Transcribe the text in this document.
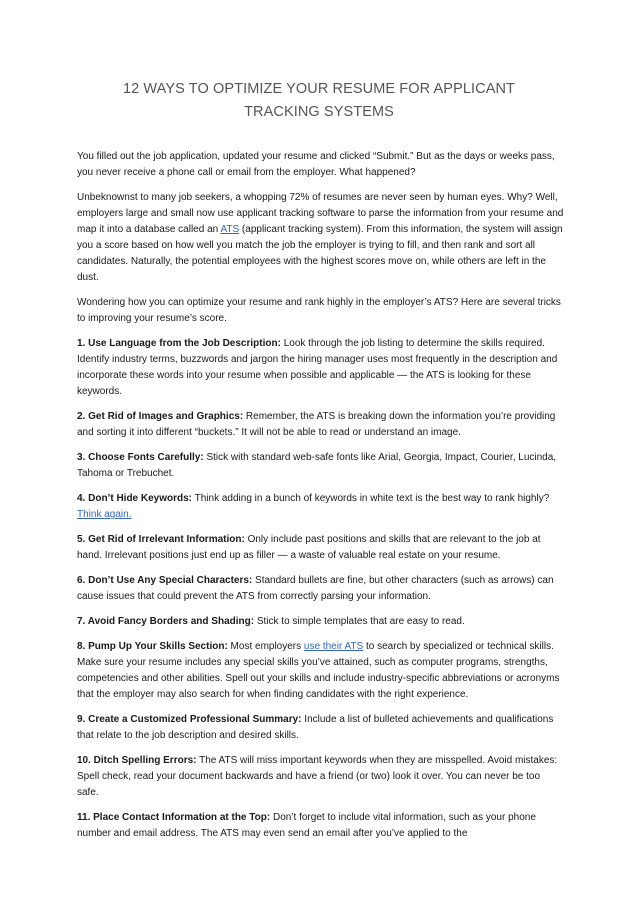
12 WAYS TO OPTIMIZE YOUR RESUME FOR APPLICANT TRACKING SYSTEMS

You filled out the job application, updated your resume and clicked “Submit.” But as the days or weeks pass, you never receive a phone call or email from the employer. What happened?

Unbeknownst to many job seekers, a whopping 72% of resumes are never seen by human eyes. Why? Well, employers large and small now use applicant tracking software to parse the information from your resume and map it into a database called an ATS (applicant tracking system). From this information, the system will assign you a score based on how well you match the job the employer is trying to fill, and then rank and sort all candidates. Naturally, the potential employees with the highest scores move on, while others are left in the dust.

Wondering how you can optimize your resume and rank highly in the employer’s ATS? Here are several tricks to improving your resume’s score.

1. Use Language from the Job Description: Look through the job listing to determine the skills required. Identify industry terms, buzzwords and jargon the hiring manager uses most frequently in the description and incorporate these words into your resume when possible and applicable — the ATS is looking for these keywords.

2. Get Rid of Images and Graphics: Remember, the ATS is breaking down the information you’re providing and sorting it into different “buckets.” It will not be able to read or understand an image.

3. Choose Fonts Carefully: Stick with standard web-safe fonts like Arial, Georgia, Impact, Courier, Lucinda, Tahoma or Trebuchet.

4. Don’t Hide Keywords: Think adding in a bunch of keywords in white text is the best way to rank highly? Think again.

5. Get Rid of Irrelevant Information: Only include past positions and skills that are relevant to the job at hand. Irrelevant positions just end up as filler — a waste of valuable real estate on your resume.

6. Don’t Use Any Special Characters: Standard bullets are fine, but other characters (such as arrows) can cause issues that could prevent the ATS from correctly parsing your information.

7. Avoid Fancy Borders and Shading: Stick to simple templates that are easy to read.

8. Pump Up Your Skills Section: Most employers use their ATS to search by specialized or technical skills. Make sure your resume includes any special skills you’ve attained, such as computer programs, strengths, competencies and other abilities. Spell out your skills and include industry-specific abbreviations or acronyms that the employer may also search for when finding candidates with the right experience.

9. Create a Customized Professional Summary: Include a list of bulleted achievements and qualifications that relate to the job description and desired skills.

10. Ditch Spelling Errors: The ATS will miss important keywords when they are misspelled. Avoid mistakes: Spell check, read your document backwards and have a friend (or two) look it over. You can never be too safe.

11. Place Contact Information at the Top: Don’t forget to include vital information, such as your phone number and email address. The ATS may even send an email after you’ve applied to the
